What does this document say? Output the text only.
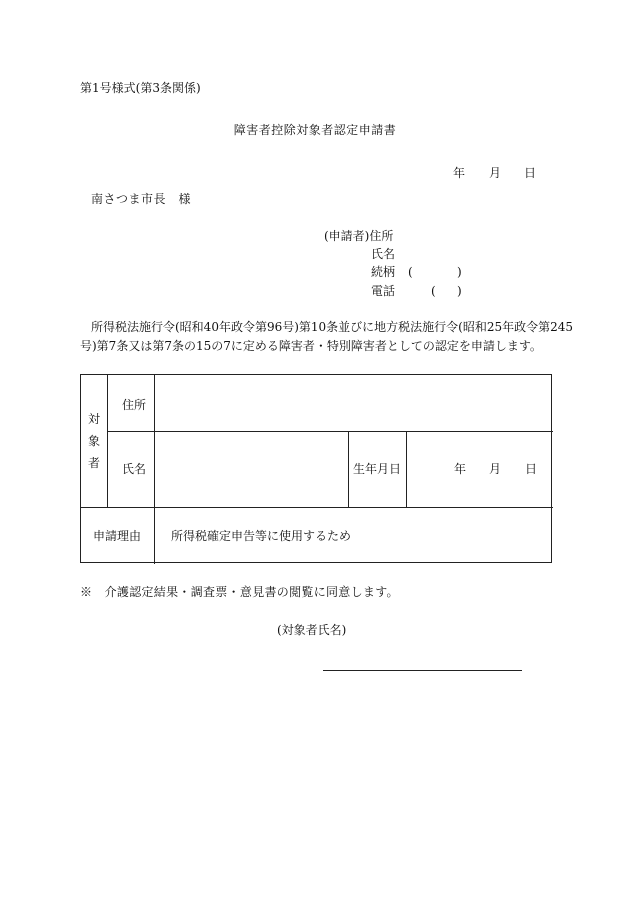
第1号様式(第3条関係)
障害者控除対象者認定申請書
年 月 日
南さつま市長　様
(申請者)住所
氏名
続柄 (	)
電話	( )
所得税法施行令(昭和40年政令第96号)第10条並びに地方税法施行令(昭和25年政令第245
号)第7条又は第7条の15の7に定める障害者・特別障害者としての認定を申請します。
対
象
者
住所
氏名	生年月日	年 月 日
申請理由 所得税確定申告等に使用するため
※　介護認定結果・調査票・意見書の閲覧に同意します。
(対象者氏名)
